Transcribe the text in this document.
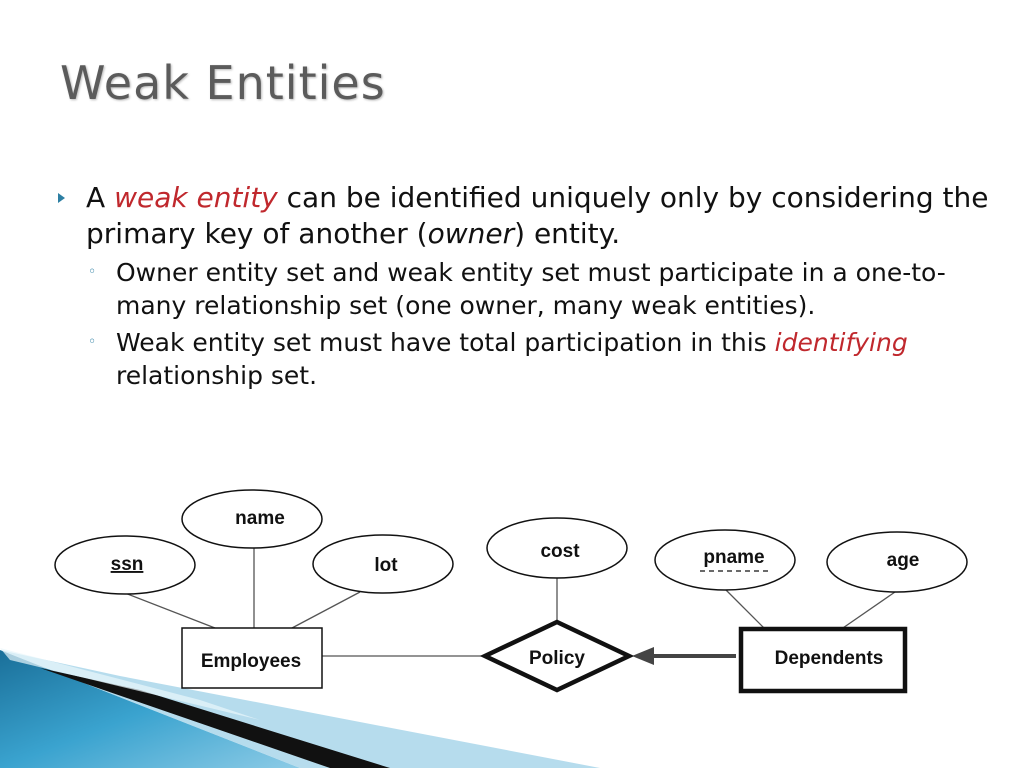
Weak Entities
A weak entity can be identified uniquely only by considering the primary key of another (owner) entity.
◦ Owner entity set and weak entity set must participate in a one-to-many relationship set (one owner, many weak entities).
◦ Weak entity set must have total participation in this identifying relationship set.
ssn
name
lot
cost	pname	age
Employees	Policy	Dependents
